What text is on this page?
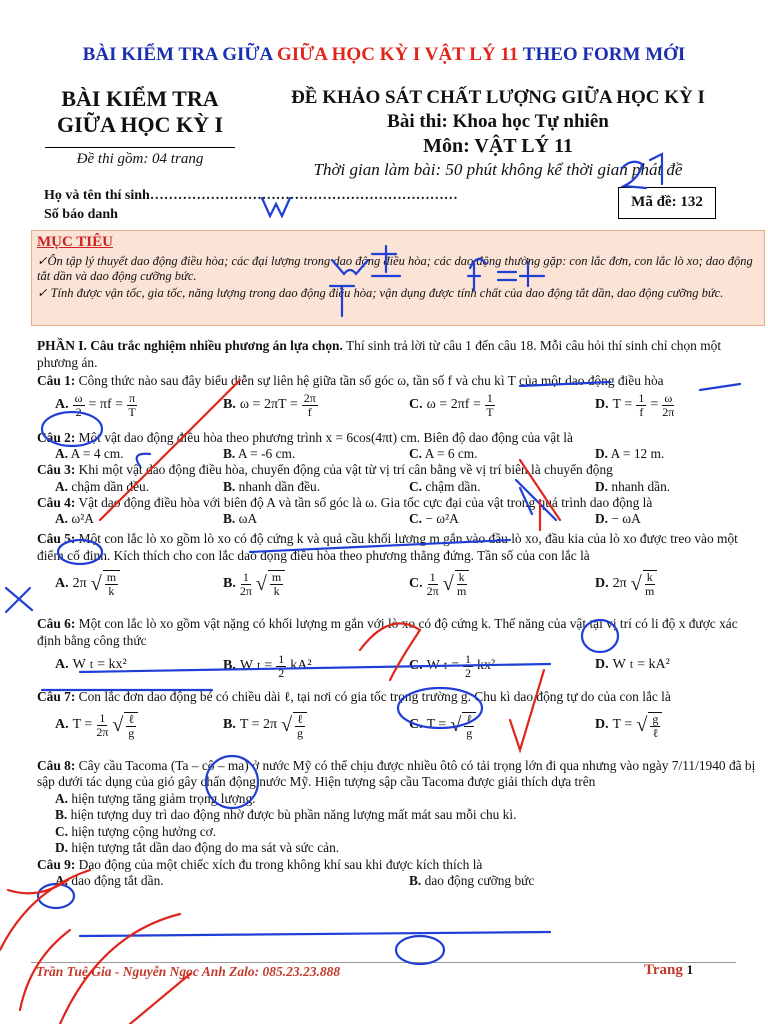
BÀI KIỂM TRA GIỮA GIỮA HỌC KỲ I VẬT LÝ 11 THEO FORM MỚI
BÀI KIỂM TRA
GIỮA HỌC KỲ I
Đề thi gồm: 04 trang
ĐỀ KHẢO SÁT CHẤT LƯỢNG GIỮA HỌC KỲ I
Bài thi: Khoa học Tự nhiên
Môn: VẬT LÝ 11
Thời gian làm bài: 50 phút không kể thời gian phát đề
Họ và tên thí sinh…………………………………………………………
Số báo danh
Mã đề: 132
MỤC TIÊU

✓Ôn tập lý thuyết dao động điều hòa; các đại lượng trong dao động điều hòa; các dao động thường gặp: con lắc đơn, con lắc lò xo; dao động tắt dần và dao động cưỡng bức.

✓ Tính được vận tốc, gia tốc, năng lượng trong dao động điều hòa; vận dụng được tính chất của dao động tắt dần, dao động cưỡng bức.

PHẦN I. Câu trắc nghiệm nhiều phương án lựa chọn. Thí sinh trả lời từ câu 1 đến câu 18. Mỗi câu hỏi thí sinh chỉ chọn một phương án.

Câu 1: Công thức nào sau đây biểu diễn sự liên hệ giữa tần số góc ω, tần số f và chu kì T của một dao động điều hòa

A. $\frac{\omega}{2} = \pi f = \frac{\pi}{T}$	B. $\omega = 2\pi T = \frac{2\pi}{f}$	C. $\omega = 2\pi f = \frac{1}{T}$	D. $T = \frac{1}{f} = \frac{\omega}{2\pi}$

Câu 2: Một vật dao động điều hòa theo phương trình x = 6cos(4πt) cm. Biên độ dao động của vật là

A. A = 4 cm.	B. A = -6 cm.	C. A = 6 cm.	D. A = 12 m.

Câu 3: Khi một vật dao động điều hòa, chuyển động của vật từ vị trí cân bằng về vị trí biên là chuyển động

A. chậm dần đều.	B. nhanh dần đều.	C. chậm dần.	D. nhanh dần.

Câu 4: Vật dao động điều hòa với biên độ A và tần số góc là ω. Gia tốc cực đại của vật trong quá trình dao động là

A. ω²A	B. ωA	C. − ω²A	D. − ωA

Câu 5: Một con lắc lò xo gồm lò xo có độ cứng k và quả cầu khối lượng m gắn vào đầu lò xo, đầu kia của lò xo được treo vào một điểm cố định. Kích thích cho con lắc dao động điều hòa theo phương thẳng đứng. Tần số của con lắc là

A. 2π √ $\frac{m}{k}$	B. $\frac{1}{2\pi}$ √ $\frac{m}{k}$	C. $\frac{1}{2\pi}$ √ $\frac{k}{m}$	D. 2π √ $\frac{k}{m}$

Câu 6: Một con lắc lò xo gồm vật nặng có khối lượng m gắn với lò xo có độ cứng k. Thế năng của vật tại vị trí có li độ x được xác định bằng công thức

A. W t = kx²	B. W $t = \frac{1}{2} kA^2$	C. W $t = \frac{1}{2} kx^2$	D. W t = kA²

Câu 7: Con lắc đơn dao động bé có chiều dài ℓ, tại nơi có gia tốc trọng trường g. Chu kì dao động tự do của con lắc là

A. $T = \frac{1}{2\pi}$ √ $\frac{\text{ℓ}}{g}$	B. T = 2π √ $\frac{\text{ℓ}}{g}$	C. T = √ $\frac{\text{ℓ}}{g}$	D. T = √ $\frac{g}{\text{ℓ}}$

Câu 8: Cây cầu Tacoma (Ta – cô – ma) ở nước Mỹ có thể chịu được nhiều ôtô có tải trọng lớn đi qua nhưng vào ngày 7/11/1940 đã bị sập dưới tác dụng của gió gây chấn động nước Mỹ. Hiện tượng sập cầu Tacoma được giải thích dựa trên

A. hiện tượng tăng giảm trọng lượng.

B. hiện tượng duy trì dao động nhờ được bù phần năng lượng mất mát sau mỗi chu kì.

C. hiện tượng cộng hưởng cơ.

D. hiện tượng tắt dần dao động do ma sát và sức cản.

Câu 9: Dao động của một chiếc xích đu trong không khí sau khi được kích thích là

A. dao động tắt dần.	B. dao động cưỡng bức
Trần Tuệ Gia - Nguyễn Ngọc Anh Zalo: 085.23.23.888	Trang 1
